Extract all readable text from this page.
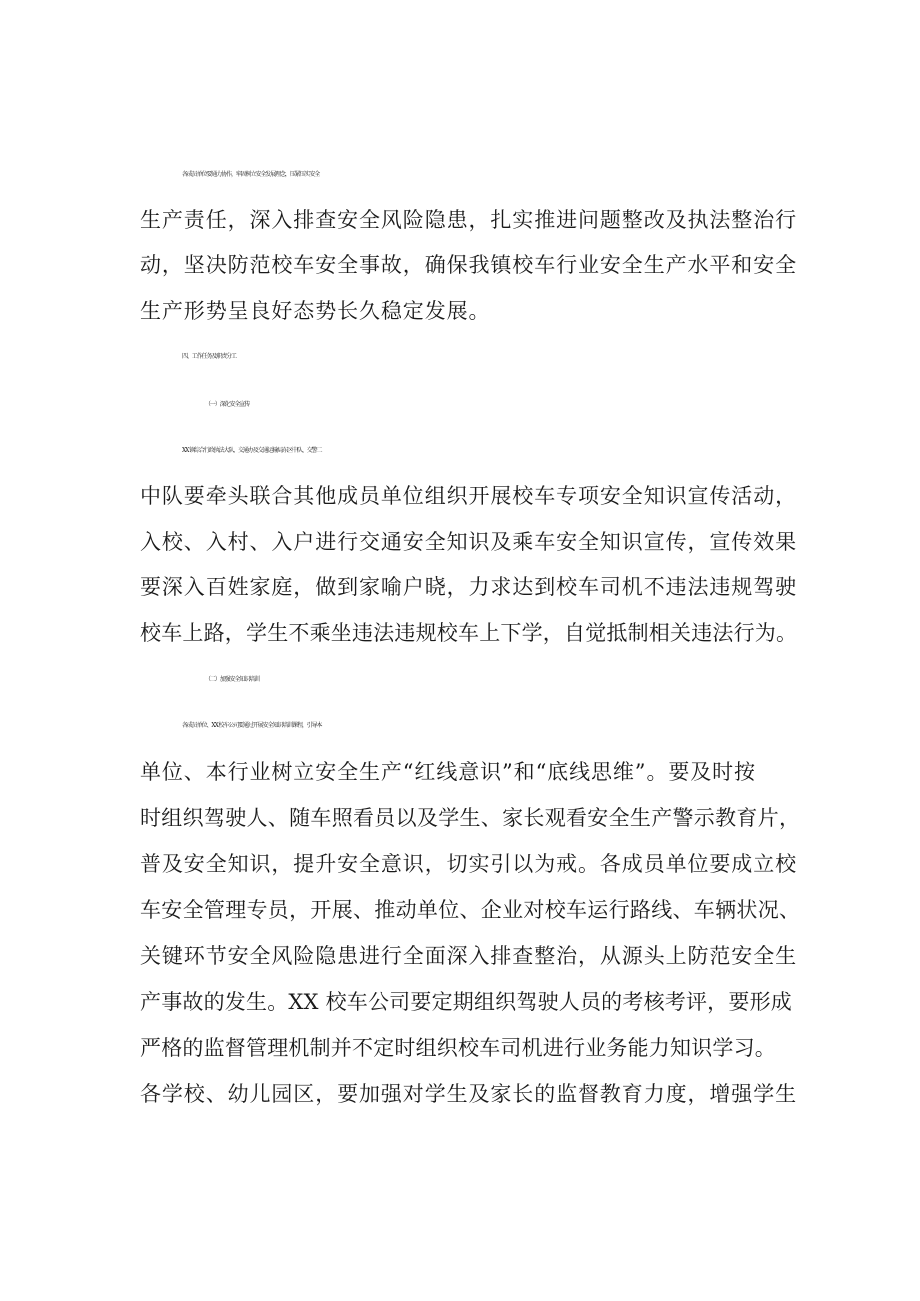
各成员单位要通力协作，牢固树立安全发展理念，压紧压实安全
生产责任，深入排查安全风险隐患，扎实推进问题整改及执法整治行
动，坚决防范校车安全事故，确保我镇校车行业安全生产水平和安全
生产形势呈良好态势长久稳定发展。
四、工作任务及职责分工
（一）深化安全宣传
XX 镇综合行政执法大队、交通办及交通运输局东区中队、交警二
中队要牵头联合其他成员单位组织开展校车专项安全知识宣传活动，
入校、入村、入户进行交通安全知识及乘车安全知识宣传，宣传效果
要深入百姓家庭，做到家喻户晓，力求达到校车司机不违法违规驾驶
校车上路，学生不乘坐违法违规校车上下学，自觉抵制相关违法行为。
（二）加强安全知识培训
各成员单位、XX 校车公司要通过开展安全知识培训课程，引导本
单位、本行业树立安全生产“红线意识”和“底线思维”。要及时按
时组织驾驶人、随车照看员以及学生、家长观看安全生产警示教育片，
普及安全知识，提升安全意识，切实引以为戒。各成员单位要成立校
车安全管理专员，开展、推动单位、企业对校车运行路线、车辆状况、
关键环节安全风险隐患进行全面深入排查整治，从源头上防范安全生
产事故的发生。XX 校车公司要定期组织驾驶人员的考核考评，要形成
严格的监督管理机制并不定时组织校车司机进行业务能力知识学习。
各学校、幼儿园区，要加强对学生及家长的监督教育力度，增强学生
